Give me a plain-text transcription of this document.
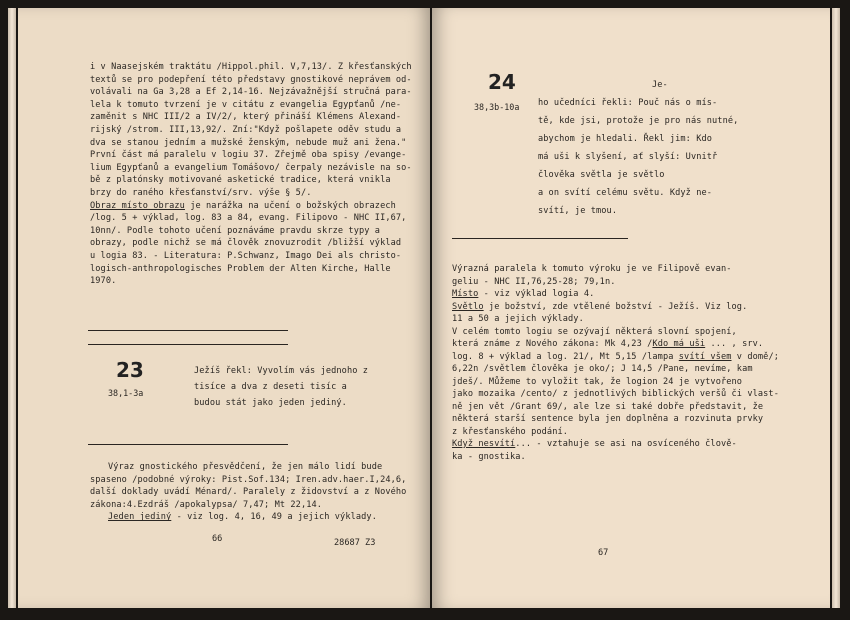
i v Naasejském traktátu /Hippol.phil. V,7,13/. Z křesťanských
textů se pro podepření této představy gnostikové neprávem od-
volávali na Ga 3,28 a Ef 2,14-16. Nejzávažnější stručná para-
lela k tomuto tvrzení je v citátu z evangelia Egypťanů /ne-
zaměnit s NHC III/2 a IV/2/, který přináší Klémens Alexand-
rijský /strom. III,13,92/. Zní:"Když pošlapete oděv studu a
dva se stanou jedním a mužské ženským, nebude muž ani žena."
První část má paralelu v logiu 37. Zřejmě oba spisy /evange-
lium Egypťanů a evangelium Tomášovo/ čerpaly nezávisle na so-
bě z platónsky motivované asketické tradice, která vnikla
brzy do raného křesťanství/srv. výše § 5/.
Obraz místo obrazu je narážka na učení o božských obrazech
/log. 5 + výklad, log. 83 a 84, evang. Filipovo - NHC II,67,
10nn/. Podle tohoto učení poznáváme pravdu skrze typy a
obrazy, podle nichž se má člověk znovuzrodit /bližší výklad
u logia 83. - Literatura: P.Schwanz, Imago Dei als christo-
logisch-anthropologisches Problem der Alten Kirche, Halle
1970.
23
38,1-3a
Ježíš řekl: Vyvolím vás jednoho z
tisíce a dva z deseti tisíc a
budou stát jako jeden jediný.
Výraz gnostického přesvědčení, že jen málo lidí bude
spaseno /podobné výroky: Pist.Sof.134; Iren.adv.haer.I,24,6,
další doklady uvádí Ménard/. Paralely z židovství a z Nového
zákona:4.Ezdráš /apokalypsa/ 7,47; Mt 22,14.
Jeden jediný - viz log. 4, 16, 49 a jejich výklady.
66	28687 Z3
24
38,3b-10a
Je-
ho učedníci řekli: Pouč nás o mís-
tě, kde jsi, protože je pro nás nutné,
abychom je hledali. Řekl jim: Kdo
má uši k slyšení, ať slyší: Uvnitř
člověka světla je světlo
a on svítí celému světu. Když ne-
svítí, je tmou.
Výrazná paralela k tomuto výroku je ve Filipově evan-
geliu - NHC II,76,25-28; 79,1n.
Místo - viz výklad logia 4.
Světlo je božství, zde vtělené božství - Ježíš. Viz log.
11 a 50 a jejich výklady.
V celém tomto logiu se ozývají některá slovní spojení,
která známe z Nového zákona: Mk 4,23 /Kdo má uši ... , srv.
log. 8 + výklad a log. 21/, Mt 5,15 /lampa svítí všem v domě/;
6,22n /světlem člověka je oko/; J 14,5 /Pane, nevíme, kam
jdeš/. Můžeme to vyložit tak, že logion 24 je vytvořeno
jako mozaika /cento/ z jednotlivých biblických veršů či vlast-
ně jen vět /Grant 69/, ale lze si také dobře představit, že
některá starší sentence byla jen doplněna a rozvinuta prvky
z křesťanského podání.
Když nesvítí... - vztahuje se asi na osvíceného člově-
ka - gnostika.
67
